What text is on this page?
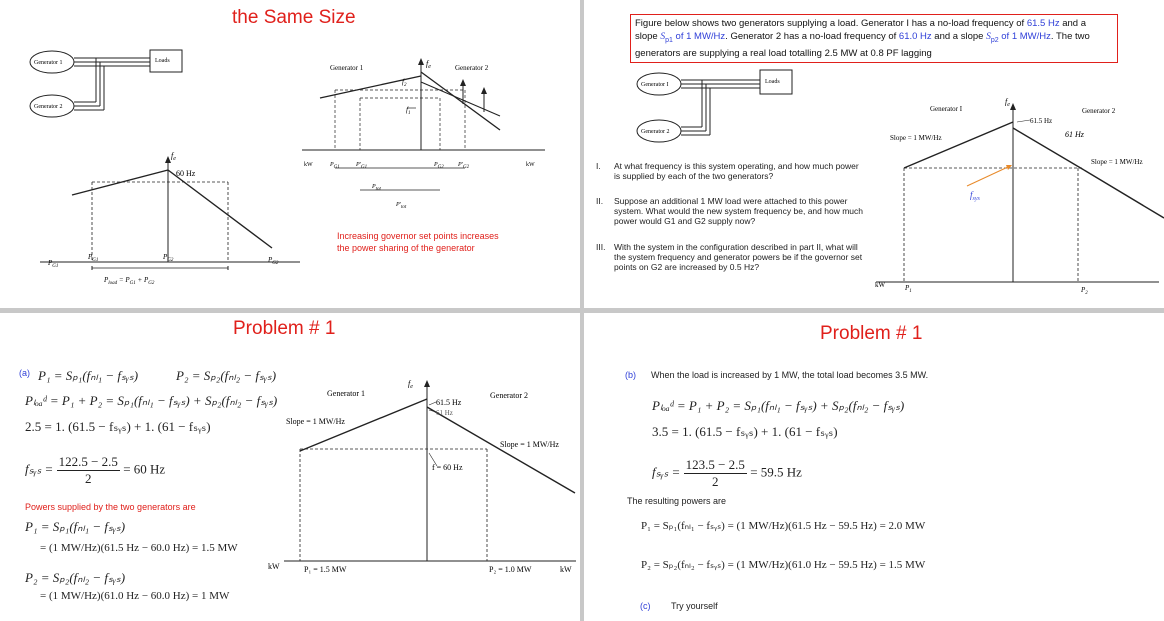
the Same Size
Generator 1
Generator 2
Loads
$f_e$
60 Hz
$P_{G1}$
$P_{G1}$	$P_{G2}$	$P_{G2}$
$P_{load} = P_{G1} + P_{G2}$
Generator 1	Generator 2
$f_e$
$f_2$
$f_1$
kW	kW
$P_{G1}$	$P'_{G1}$	$P_{G2}$ $P'_{G2}$
$P_{tot}$
$P'_{tot}$
Increasing governor set points increases
the power sharing of the generator
Figure below shows two generators supplying a load. Generator I has a no-load frequency of 61.5 Hz and a
slope $S_{p1}$ of 1 MW/Hz. Generator 2 has a no-load frequency of 61.0 Hz and a slope $S_{p2}$ of 1 MW/Hz. The two
generators are supplying a real load totalling 2.5 MW at 0.8 PF lagging
Generator I
Generator 2
Loads
61.5 Hz
61 Hz
Generator I	Generator 2
Slope = 1 MW/Hz
Slope = 1 MW/Hz
$f_e$
$f_{sys}$
kW	$P_1$	$P_2$
I. At what frequency is this system operating, and how much power
is supplied by each of the two generators?
II. Suppose an additional 1 MW load were attached to this power
system. What would the new system frequency be, and how much
power would G1 and G2 supply now?
III. With the system in the configuration described in part II, what will
the system frequency and generator powers be if the governor set
points on G2 are increased by 0.5 Hz?
Problem # 1
(a) P₁ = Sₚ₁(fₙₗ₁ − fₛᵧₛ)	P₂ = Sₚ₂(fₙₗ₂ − fₛᵧₛ)
Pₗₒₐᵈ = P₁ + P₂ = Sₚ₁(fₙₗ₁ − fₛᵧₛ) + Sₚ₂(fₙₗ₂ − fₛᵧₛ)
2.5 = 1. (61.5 − fₛᵧₛ) + 1. (61 − fₛᵧₛ)
fₛᵧₛ = $\frac{122.5 - 2.5}{2} = 60$ Hz
Powers supplied by the two generators are
P₁ = Sₚ₁(fₙₗ₁ − fₛᵧₛ)
= (1 MW/Hz)(61.5 Hz − 60.0 Hz) = 1.5 MW
P₂ = Sₚ₂(fₙₗ₂ − fₛᵧₛ)
= (1 MW/Hz)(61.0 Hz − 60.0 Hz) = 1 MW
Generator 1	Generator 2
Slope = 1 MW/Hz
Slope = 1 MW/Hz
61.5 Hz
61 Hz
f = 60 Hz
$f_e$
kW	kW
P₁ = 1.5 MW	P₂ = 1.0 MW
Problem # 1
(b) When the load is increased by 1 MW, the total load becomes 3.5 MW.
Pₗₒₐᵈ = P₁ + P₂ = Sₚ₁(fₙₗ₁ − fₛᵧₛ) + Sₚ₂(fₙₗ₂ − fₛᵧₛ)
3.5 = 1. (61.5 − fₛᵧₛ) + 1. (61 − fₛᵧₛ)
fₛᵧₛ = $\frac{123.5 - 2.5}{2} = 59.5$ Hz
The resulting powers are
P₁ = Sₚ₁(fₙₗ₁ − fₛᵧₛ) = (1 MW/Hz)(61.5 Hz − 59.5 Hz) = 2.0 MW
P₂ = Sₚ₂(fₙₗ₂ − fₛᵧₛ) = (1 MW/Hz)(61.0 Hz − 59.5 Hz) = 1.5 MW
(c) Try yourself
